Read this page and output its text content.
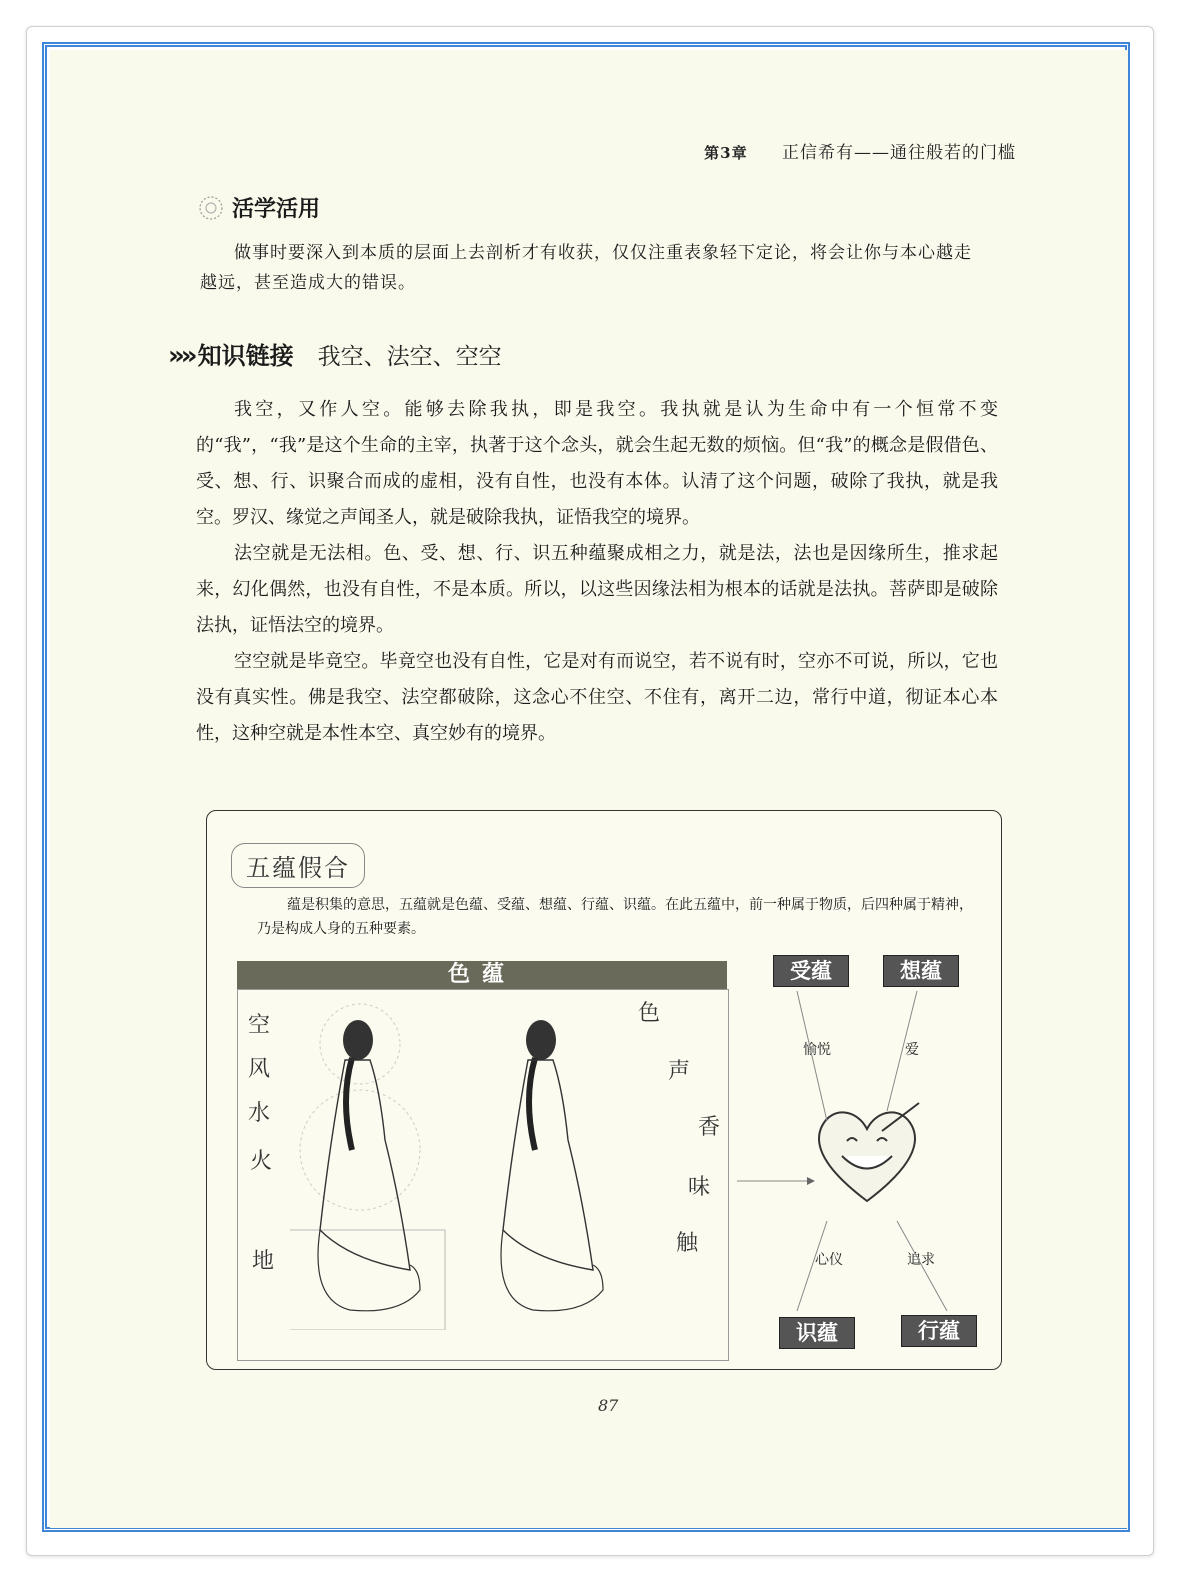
第3章 正信希有——通往般若的门槛
活学活用
做事时要深入到本质的层面上去剖析才有收获，仅仅注重表象轻下定论，将会让你与本心越走越远，甚至造成大的错误。
» » 知识链接 我空、法空、空空

我空，又作人空。能够去除我执，即是我空。我执就是认为生命中有一个恒常不变的“我”，“我”是这个生命的主宰，执著于这个念头，就会生起无数的烦恼。但“我”的概念是假借色、受、想、行、识聚合而成的虚相，没有自性，也没有本体。认清了这个问题，破除了我执，就是我空。罗汉、缘觉之声闻圣人，就是破除我执，证悟我空的境界。

法空就是无法相。色、受、想、行、识五种蕴聚成相之力，就是法，法也是因缘所生，推求起来，幻化偶然，也没有自性，不是本质。所以，以这些因缘法相为根本的话就是法执。菩萨即是破除法执，证悟法空的境界。

空空就是毕竟空。毕竟空也没有自性，它是对有而说空，若不说有时，空亦不可说，所以，它也没有真实性。佛是我空、法空都破除，这念心不住空、不住有，离开二边，常行中道，彻证本心本性，这种空就是本性本空、真空妙有的境界。

五蕴假合

蕴是积集的意思，五蕴就是色蕴、受蕴、想蕴、行蕴、识蕴。在此五蕴中，前一种属于物质，后四种属于精神，乃是构成人身的五种要素。

色蕴
空
风
水
火
地
色
声
香
味
触
受蕴	想蕴
识蕴	行蕴
愉悦	爱
心仪	追求
87
